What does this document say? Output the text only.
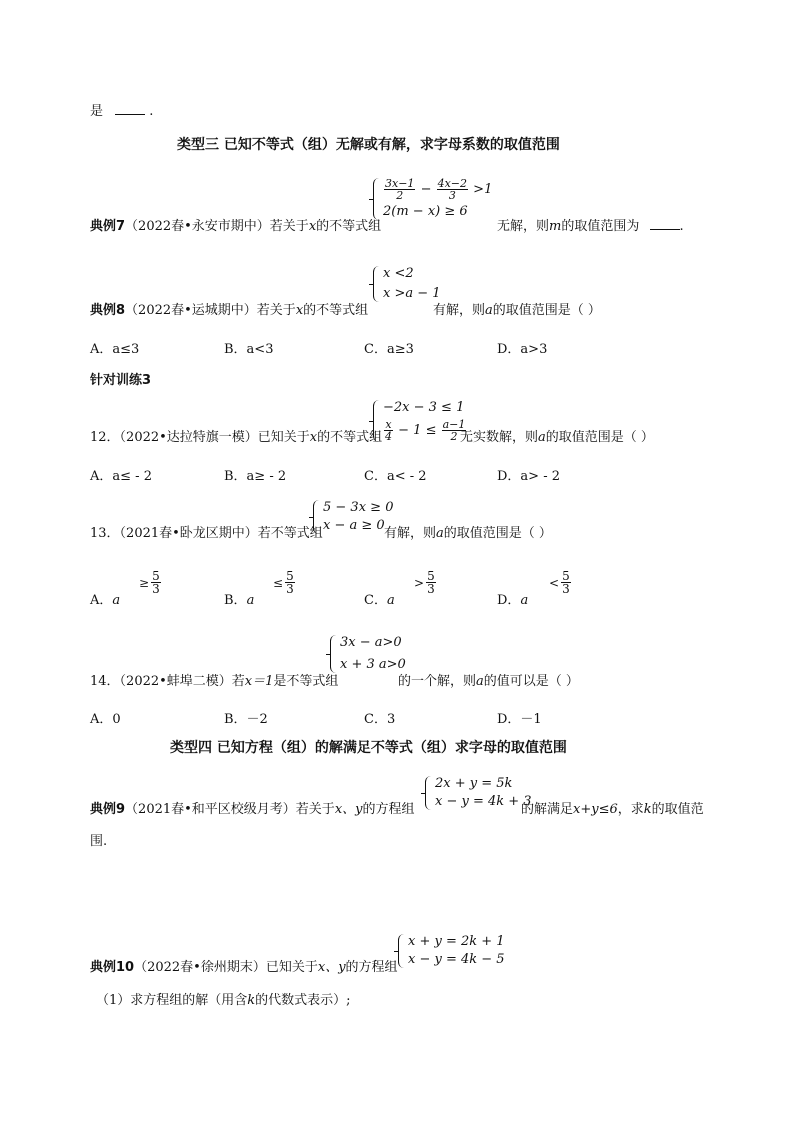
是	.
类型三 已知不等式（组）无解或有解，求字母系数的取值范围
$\frac{3x-1}{2} - \frac{4x-2}{3} >1$
2(m − x) ≥ 6
典例7（2022春•永安市期中）若关于x的不等式组	无解，则m的取值范围为	.
x <2
x >a − 1
典例8（2022春•运城期中）若关于x的不等式组	有解，则a的取值范围是（ ）
A．a≤3	B．a<3	C．a≥3	D．a>3
针对训练3
−2x − 3 ≤ 1
$\frac{x}{4} - 1 \le \frac{a-1}{2}$
12．（2022•达拉特旗一模）已知关于x的不等式组	无实数解，则a的取值范围是（ ）
A．a≤ - 2	B．a≥ - 2	C．a< - 2	D．a> - 2
5 − 3x ≥ 0
x − a ≥ 0
13．（2021春•卧龙区期中）若不等式组	有解，则a的取值范围是（ ）
A．a
≥ $\frac{5}{3}$
B．a
≤ $\frac{5}{3}$
C．a
> 5
3
D．a
< 5
3
3x − a>0
x + 3 a>0
14．（2022•蚌埠二模）若x＝1是不等式组	的一个解，则a的值可以是（ ）
A．0	B．－2	C．3	D．－1
类型四 已知方程（组）的解满足不等式（组）求字母的取值范围
2x + y = 5k
x − y = 4k + 3
典例9（2021春•和平区校级月考）若关于x、y的方程组	的解满足x+y≤6，求k的取值范
围.
x + y = 2k + 1
x − y = 4k − 5
典例10（2022春•徐州期末）已知关于x、y的方程组
（1）求方程组的解（用含k的代数式表示）;
